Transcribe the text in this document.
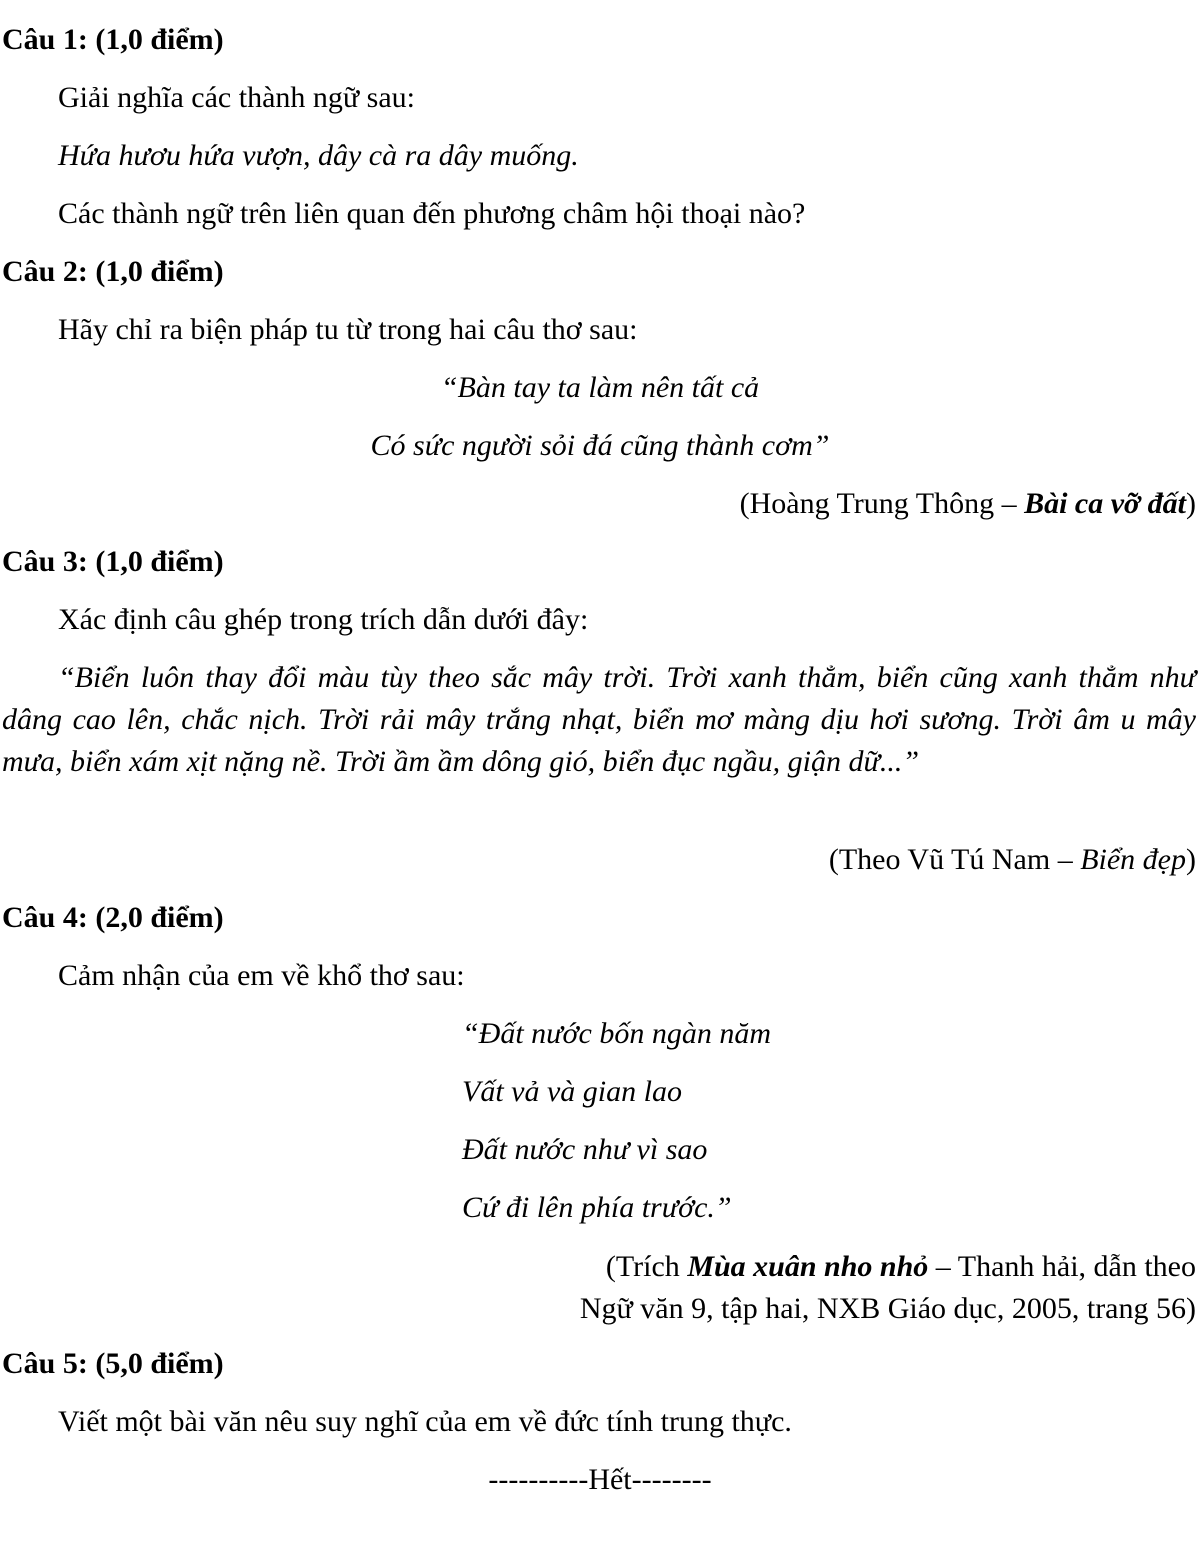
Câu 1: (1,0 điểm)
Giải nghĩa các thành ngữ sau:
Hứa hươu hứa vượn, dây cà ra dây muống.
Các thành ngữ trên liên quan đến phương châm hội thoại nào?
Câu 2: (1,0 điểm)
Hãy chỉ ra biện pháp tu từ trong hai câu thơ sau:
“Bàn tay ta làm nên tất cả
Có sức người sỏi đá cũng thành cơm”
(Hoàng Trung Thông – Bài ca vỡ đất)
Câu 3: (1,0 điểm)
Xác định câu ghép trong trích dẫn dưới đây:
“Biển luôn thay đổi màu tùy theo sắc mây trời. Trời xanh thẳm, biển cũng xanh thẳm như dâng cao lên, chắc nịch. Trời rải mây trắng nhạt, biển mơ màng dịu hơi sương. Trời âm u mây mưa, biển xám xịt nặng nề. Trời ầm ầm dông gió, biển đục ngầu, giận dữ...”
(Theo Vũ Tú Nam – Biển đẹp)
Câu 4: (2,0 điểm)
Cảm nhận của em về khổ thơ sau:
“Đất nước bốn ngàn năm
Vất vả và gian lao
Đất nước như vì sao
Cứ đi lên phía trước.”
(Trích Mùa xuân nho nhỏ – Thanh hải, dẫn theo
Ngữ văn 9, tập hai, NXB Giáo dục, 2005, trang 56)
Câu 5: (5,0 điểm)
Viết một bài văn nêu suy nghĩ của em về đức tính trung thực.
----------Hết--------
